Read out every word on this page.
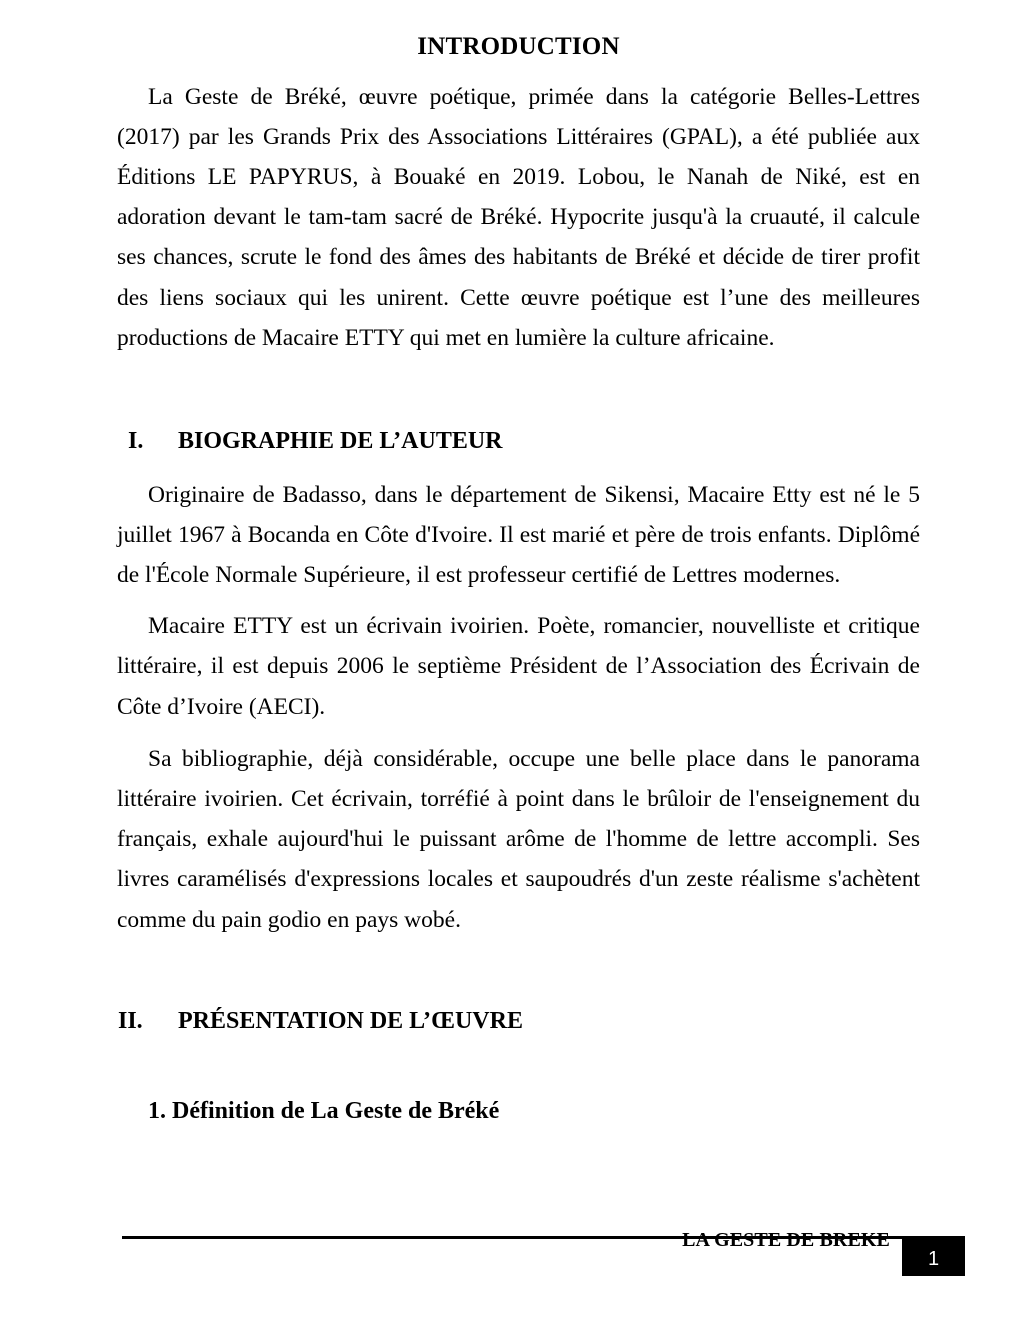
INTRODUCTION

La Geste de Bréké, œuvre poétique, primée dans la catégorie Belles-Lettres (2017) par les Grands Prix des Associations Littéraires (GPAL), a été publiée aux Éditions LE PAPYRUS, à Bouaké en 2019. Lobou, le Nanah de Niké, est en adoration devant le tam-tam sacré de Bréké. Hypocrite jusqu'à la cruauté, il calcule ses chances, scrute le fond des âmes des habitants de Bréké et décide de tirer profit des liens sociaux qui les unirent. Cette œuvre poétique est l’une des meilleures productions de Macaire ETTY qui met en lumière la culture africaine.

I.	BIOGRAPHIE DE L’AUTEUR

Originaire de Badasso, dans le département de Sikensi, Macaire Etty est né le 5 juillet 1967 à Bocanda en Côte d'Ivoire. Il est marié et père de trois enfants. Diplômé de l'École Normale Supérieure, il est professeur certifié de Lettres modernes.

Macaire ETTY est un écrivain ivoirien. Poète, romancier, nouvelliste et critique littéraire, il est depuis 2006 le septième Président de l’Association des Écrivain de Côte d’Ivoire (AECI).

Sa bibliographie, déjà considérable, occupe une belle place dans le panorama littéraire ivoirien. Cet écrivain, torréfié à point dans le brûloir de l'enseignement du français, exhale aujourd'hui le puissant arôme de l'homme de lettre accompli. Ses livres caramélisés d'expressions locales et saupoudrés d'un zeste réalisme s'achètent comme du pain godio en pays wobé.

II.	PRÉSENTATION DE L’ŒUVRE
1. Définition de La Geste de Bréké
LA GESTE DE BREKE
1
